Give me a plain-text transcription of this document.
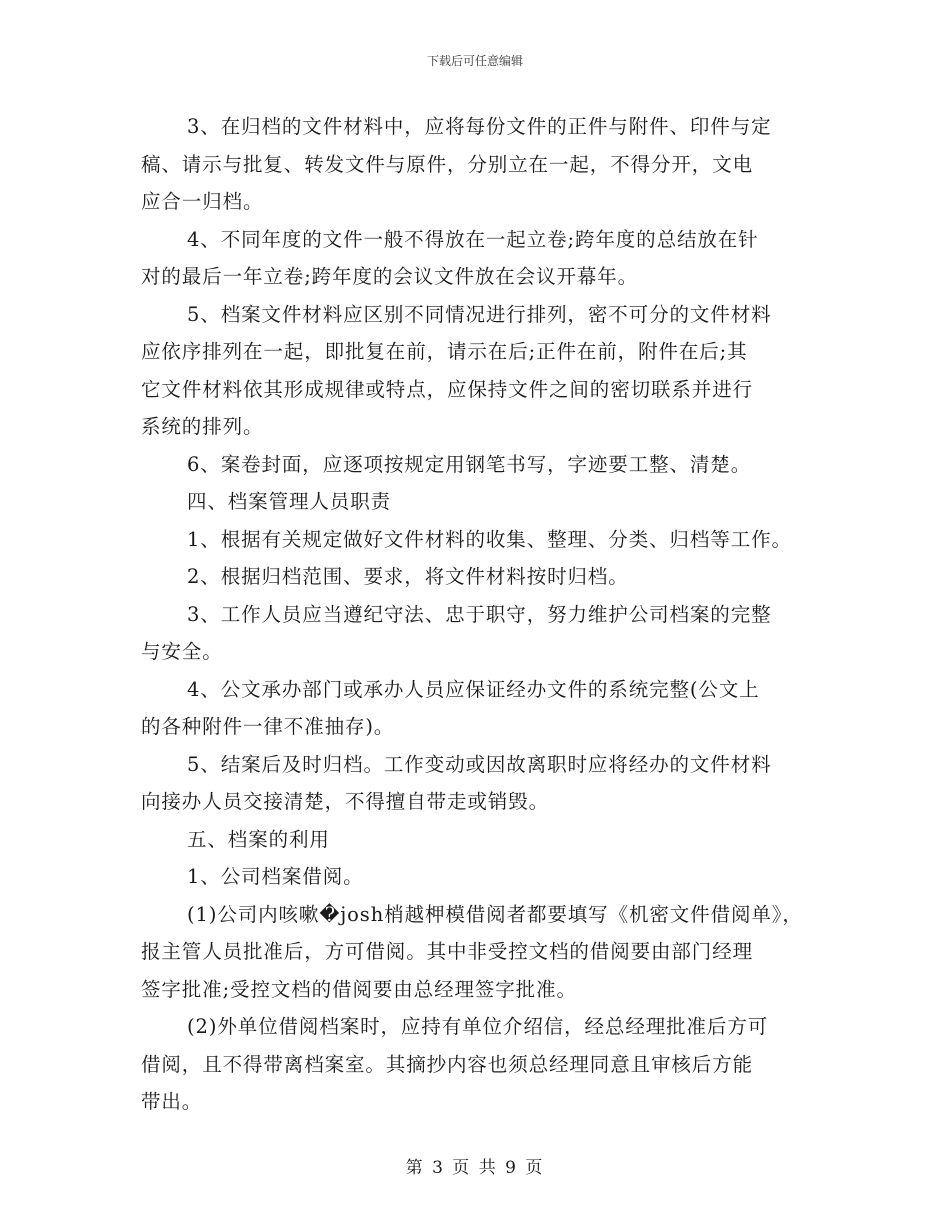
下载后可任意编辑
3、在归档的文件材料中，应将每份文件的正件与附件、印件与定
稿、请示与批复、转发文件与原件，分别立在一起，不得分开，文电
应合一归档。
4、不同年度的文件一般不得放在一起立卷;跨年度的总结放在针
对的最后一年立卷;跨年度的会议文件放在会议开幕年。
5、档案文件材料应区别不同情况进行排列，密不可分的文件材料
应依序排列在一起，即批复在前，请示在后;正件在前，附件在后;其
它文件材料依其形成规律或特点，应保持文件之间的密切联系并进行
系统的排列。
6、案卷封面，应逐项按规定用钢笔书写，字迹要工整、清楚。
四、档案管理人员职责
1、根据有关规定做好文件材料的收集、整理、分类、归档等工作。
2、根据归档范围、要求，将文件材料按时归档。
3、工作人员应当遵纪守法、忠于职守，努力维护公司档案的完整
与安全。
4、公文承办部门或承办人员应保证经办文件的系统完整(公文上
的各种附件一律不准抽存)。
5、结案后及时归档。工作变动或因故离职时应将经办的文件材料
向接办人员交接清楚，不得擅自带走或销毁。
五、档案的利用
1、公司档案借阅。
(1)公司内咳嗽�josh梢越柙模借阅者都要填写《机密文件借阅单》，
报主管人员批准后，方可借阅。其中非受控文档的借阅要由部门经理
签字批准;受控文档的借阅要由总经理签字批准。
(2)外单位借阅档案时，应持有单位介绍信，经总经理批准后方可
借阅，且不得带离档案室。其摘抄内容也须总经理同意且审核后方能
带出。
第 3 页 共 9 页
